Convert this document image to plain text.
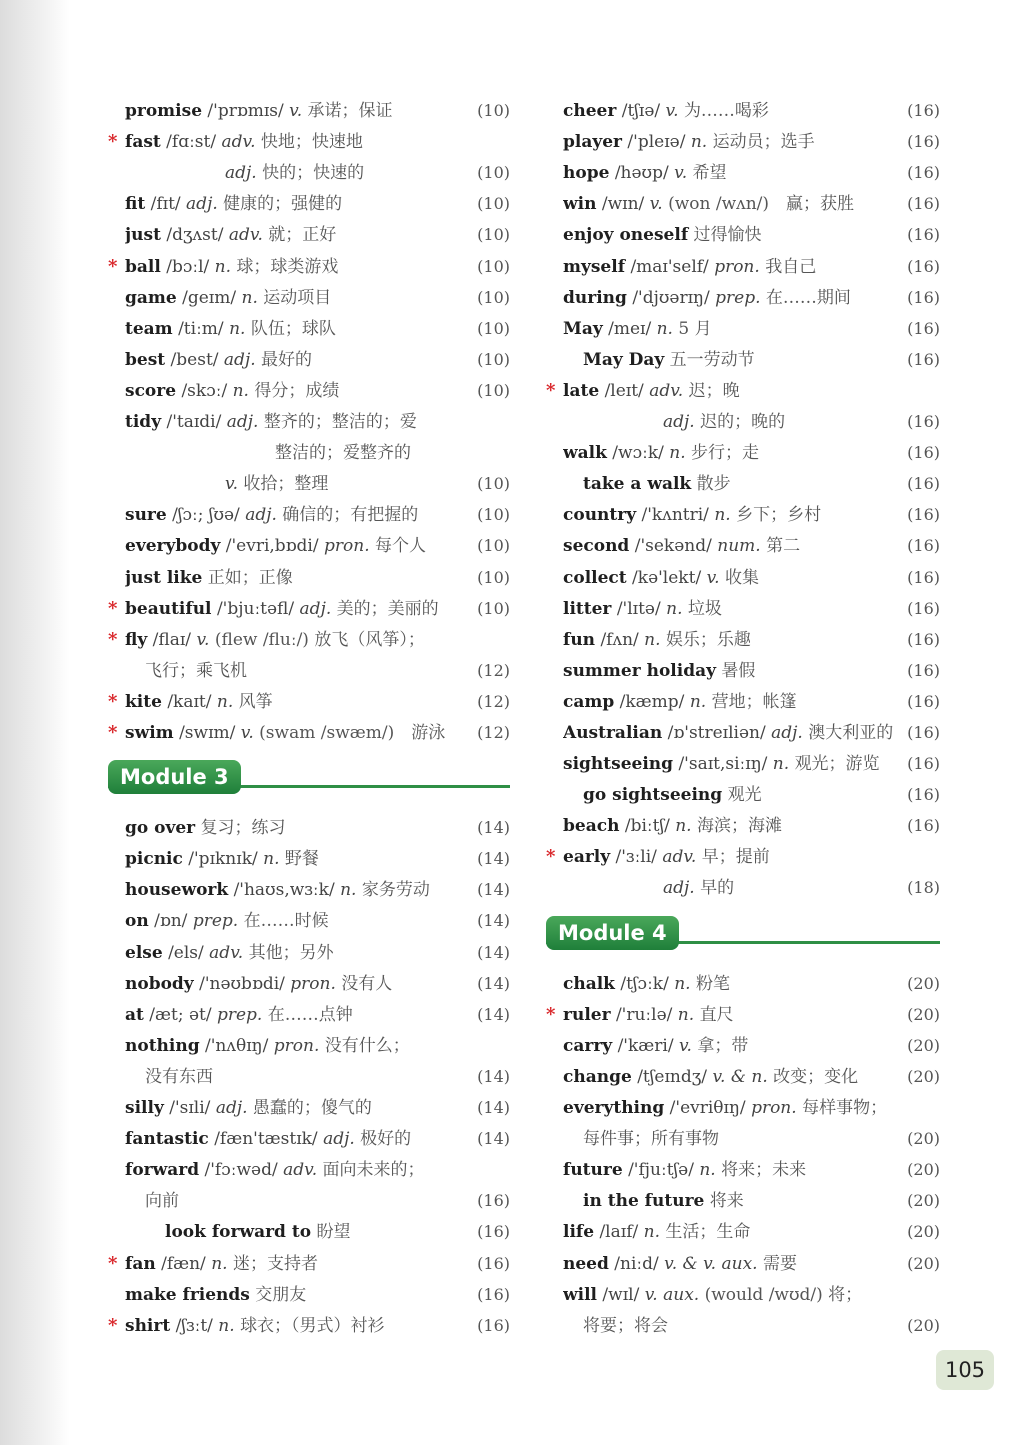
promise /'prɒmɪs/ v. 承诺；保证	(10)
* fast /fɑːst/ adv. 快地；快速地
adj. 快的；快速的	(10)
fit /fɪt/ adj. 健康的；强健的	(10)
just /dʒʌst/ adv. 就；正好	(10)
* ball /bɔːl/ n. 球；球类游戏	(10)
game /geɪm/ n. 运动项目	(10)
team /tiːm/ n. 队伍；球队	(10)
best /best/ adj. 最好的	(10)
score /skɔː/ n. 得分；成绩	(10)
tidy /'taɪdi/ adj. 整齐的；整洁的；爱
整洁的；爱整齐的
v. 收拾；整理	(10)
sure /ʃɔː; ʃʊə/ adj. 确信的；有把握的	(10)
everybody /'evri,bɒdi/ pron. 每个人	(10)
just like 正如；正像	(10)
* beautiful /'bjuːtəfl/ adj. 美的；美丽的	(10)
* fly /flaɪ/ v. (flew /fluː/) 放飞（风筝）；
飞行；乘飞机	(12)
* kite /kaɪt/ n. 风筝	(12)
* swim /swɪm/ v. (swam /swæm/)　游泳	(12)
Module 3
go over 复习；练习	(14)
picnic /'pɪknɪk/ n. 野餐	(14)
housework /'haʊs,wɜːk/ n. 家务劳动	(14)
on /ɒn/ prep. 在……时候	(14)
else /els/ adv. 其他；另外	(14)
nobody /'nəʊbɒdi/ pron. 没有人	(14)
at /æt; ət/ prep. 在……点钟	(14)
nothing /'nʌθɪŋ/ pron. 没有什么；
没有东西	(14)
silly /'sɪli/ adj. 愚蠢的；傻气的	(14)
fantastic /fæn'tæstɪk/ adj. 极好的	(14)
forward /'fɔːwəd/ adv. 面向未来的；
向前	(16)
look forward to 盼望	(16)
* fan /fæn/ n. 迷；支持者	(16)
make friends 交朋友	(16)
* shirt /ʃɜːt/ n. 球衣；（男式）衬衫	(16)
cheer /tʃɪə/ v. 为……喝彩	(16)
player /'pleɪə/ n. 运动员；选手	(16)
hope /həʊp/ v. 希望	(16)
win /wɪn/ v. (won /wʌn/)　赢；获胜	(16)
enjoy oneself 过得愉快	(16)
myself /maɪ'self/ pron. 我自己	(16)
during /'djʊərɪŋ/ prep. 在……期间	(16)
May /meɪ/ n. 5 月	(16)
May Day 五一劳动节	(16)
* late /leɪt/ adv. 迟；晚
adj. 迟的；晚的	(16)
walk /wɔːk/ n. 步行；走	(16)
take a walk 散步	(16)
country /'kʌntri/ n. 乡下；乡村	(16)
second /'sekənd/ num. 第二	(16)
collect /kə'lekt/ v. 收集	(16)
litter /'lɪtə/ n. 垃圾	(16)
fun /fʌn/ n. 娱乐；乐趣	(16)
summer holiday 暑假	(16)
camp /kæmp/ n. 营地；帐篷	(16)
Australian /ɒ'streɪliən/ adj. 澳大利亚的 (16)
sightseeing /'saɪt,siːɪŋ/ n. 观光；游览	(16)
go sightseeing 观光	(16)
beach /biːtʃ/ n. 海滨；海滩	(16)
* early /'ɜːli/ adv. 早；提前
adj. 早的	(18)
Module 4
chalk /tʃɔːk/ n. 粉笔	(20)
* ruler /'ruːlə/ n. 直尺	(20)
carry /'kæri/ v. 拿；带	(20)
change /tʃeɪndʒ/ v. & n. 改变；变化	(20)
everything /'evriθɪŋ/ pron. 每样事物；
每件事；所有事物	(20)
future /'fjuːtʃə/ n. 将来；未来	(20)
in the future 将来	(20)
life /laɪf/ n. 生活；生命	(20)
need /niːd/ v. & v. aux. 需要	(20)
will /wɪl/ v. aux. (would /wʊd/) 将；
将要；将会	(20)
105
